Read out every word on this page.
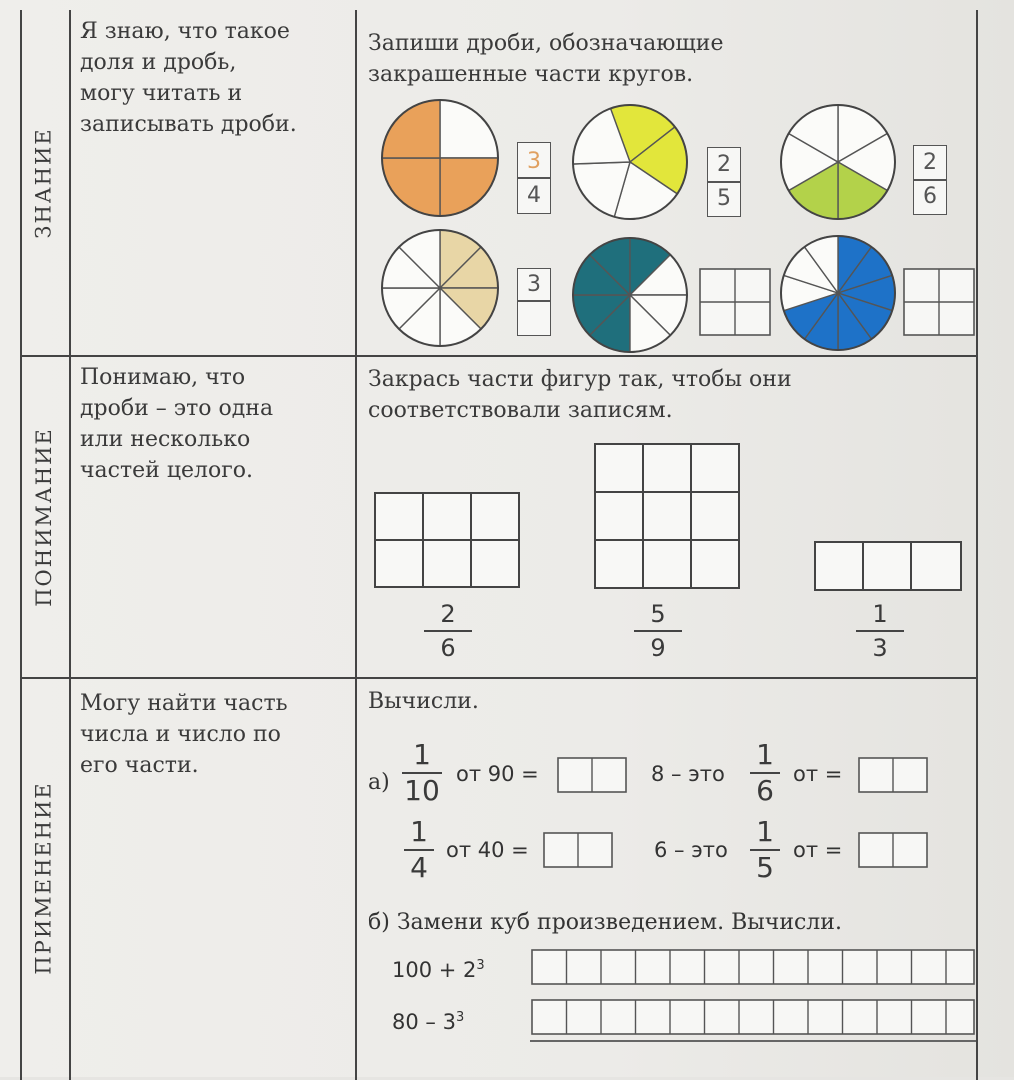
ЗНАНИЕ
ПОНИМАНИЕ
ПРИМЕНЕНИЕ
Я знаю, что такое
доля и дробь,
могу читать и
записывать дроби.
Запиши дроби, обозначающие
закрашенные части кругов.
3
4
2
5
2
6
3
Понимаю, что
дроби – это одна
или несколько
частей целого.
Закрась части фигур так, чтобы они
соответствовали записям.
2
6
5
9
1
3
Могу найти часть
числа и число по
его части.
Вычисли.
а)
1
10 от 90 =	8 – это
1
6 от =
1
4
от 40 =	6 – это
1
5
от =
б) Замени куб произведением. Вычисли.
$100 + 2^3$
$80 - 3^3$
